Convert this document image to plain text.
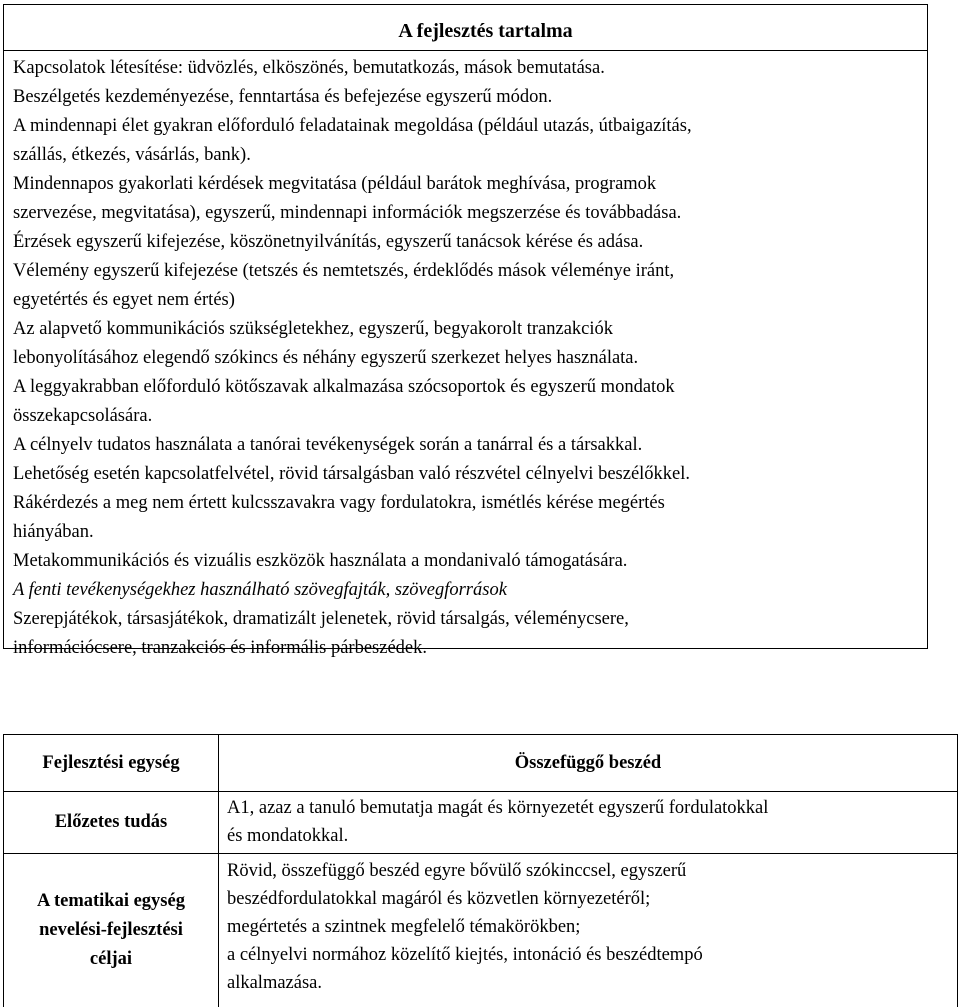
A fejlesztés tartalma
Kapcsolatok létesítése: üdvözlés, elköszönés, bemutatkozás, mások bemutatása.
Beszélgetés kezdeményezése, fenntartása és befejezése egyszerű módon.
A mindennapi élet gyakran előforduló feladatainak megoldása (például utazás, útbaigazítás,
szállás, étkezés, vásárlás, bank).
Mindennapos gyakorlati kérdések megvitatása (például barátok meghívása, programok
szervezése, megvitatása), egyszerű, mindennapi információk megszerzése és továbbadása.
Érzések egyszerű kifejezése, köszönetnyilvánítás, egyszerű tanácsok kérése és adása.
Vélemény egyszerű kifejezése (tetszés és nemtetszés, érdeklődés mások véleménye iránt,
egyetértés és egyet nem értés)
Az alapvető kommunikációs szükségletekhez, egyszerű, begyakorolt tranzakciók
lebonyolításához elegendő szókincs és néhány egyszerű szerkezet helyes használata.
A leggyakrabban előforduló kötőszavak alkalmazása szócsoportok és egyszerű mondatok
összekapcsolására.
A célnyelv tudatos használata a tanórai tevékenységek során a tanárral és a társakkal.
Lehetőség esetén kapcsolatfelvétel, rövid társalgásban való részvétel célnyelvi beszélőkkel.
Rákérdezés a meg nem értett kulcsszavakra vagy fordulatokra, ismétlés kérése megértés
hiányában.
Metakommunikációs és vizuális eszközök használata a mondanivaló támogatására.
A fenti tevékenységekhez használható szövegfajták, szövegforrások
Szerepjátékok, társasjátékok, dramatizált jelenetek, rövid társalgás, véleménycsere,
információcsere, tranzakciós és informális párbeszédek.
Fejlesztési egység	Összefüggő beszéd
Előzetes tudás
A1, azaz a tanuló bemutatja magát és környezetét egyszerű fordulatokkal
és mondatokkal.
A tematikai egység
nevelési-fejlesztési
céljai
Rövid, összefüggő beszéd egyre bővülő szókinccsel, egyszerű
beszédfordulatokkal magáról és közvetlen környezetéről;
megértetés a szintnek megfelelő témakörökben;
a célnyelvi normához közelítő kiejtés, intonáció és beszédtempó
alkalmazása.
